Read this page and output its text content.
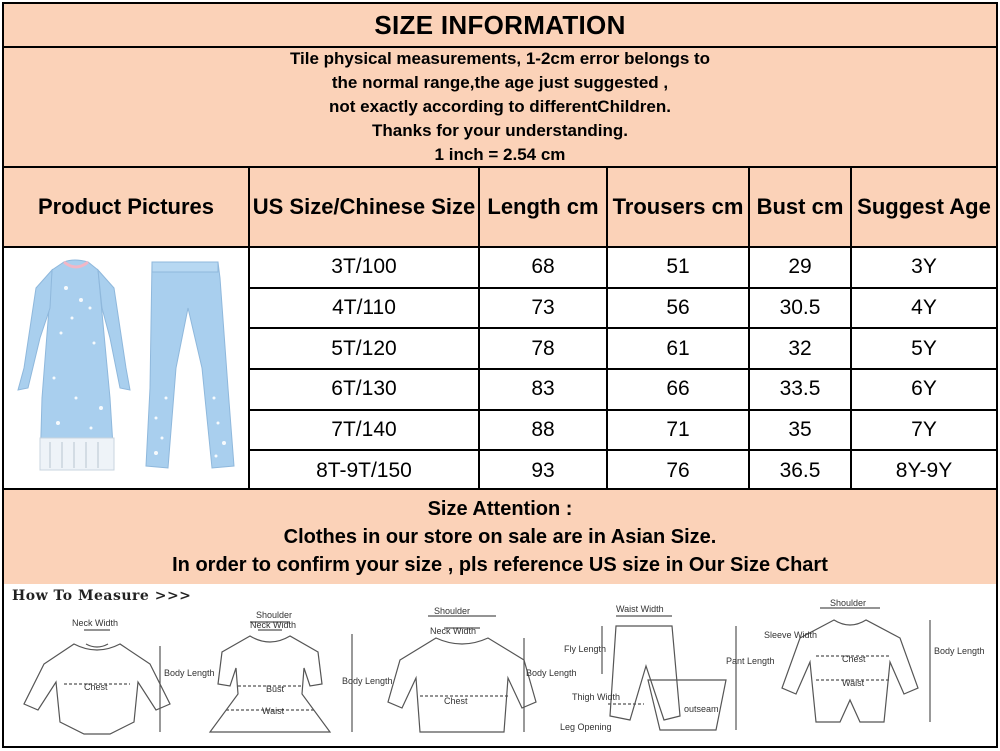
SIZE INFORMATION
Tile physical measurements, 1-2cm error belongs to
the normal range,the age just suggested ,
not exactly according to differentChildren.
Thanks for your understanding.
1 inch = 2.54 cm
Product Pictures	US Size/Chinese Size	Length cm	Trousers cm	Bust cm	Suggest Age
	3T/100	68	51	29	3Y
	4T/110	73	56	30.5	4Y
	5T/120	78	61	32	5Y
	6T/130	83	66	33.5	6Y
	7T/140	88	71	35	7Y
	8T-9T/150	93	76	36.5	8Y-9Y
Size Attention :
Clothes in our store on sale are in Asian Size.
In order to confirm your size , pls reference US size in Our Size Chart
How To Measure >>>
Neck Width
Body Length
Chest
Shoulder
Neck Width
Bust
Waist
Body Length
Shoulder
Neck Width
Chest
Body Length
Waist Width
Fly Length
Pant Length
Thigh Width
outseam
Leg Opening
Shoulder
Sleeve Width
Chest
Waist
Body Length
